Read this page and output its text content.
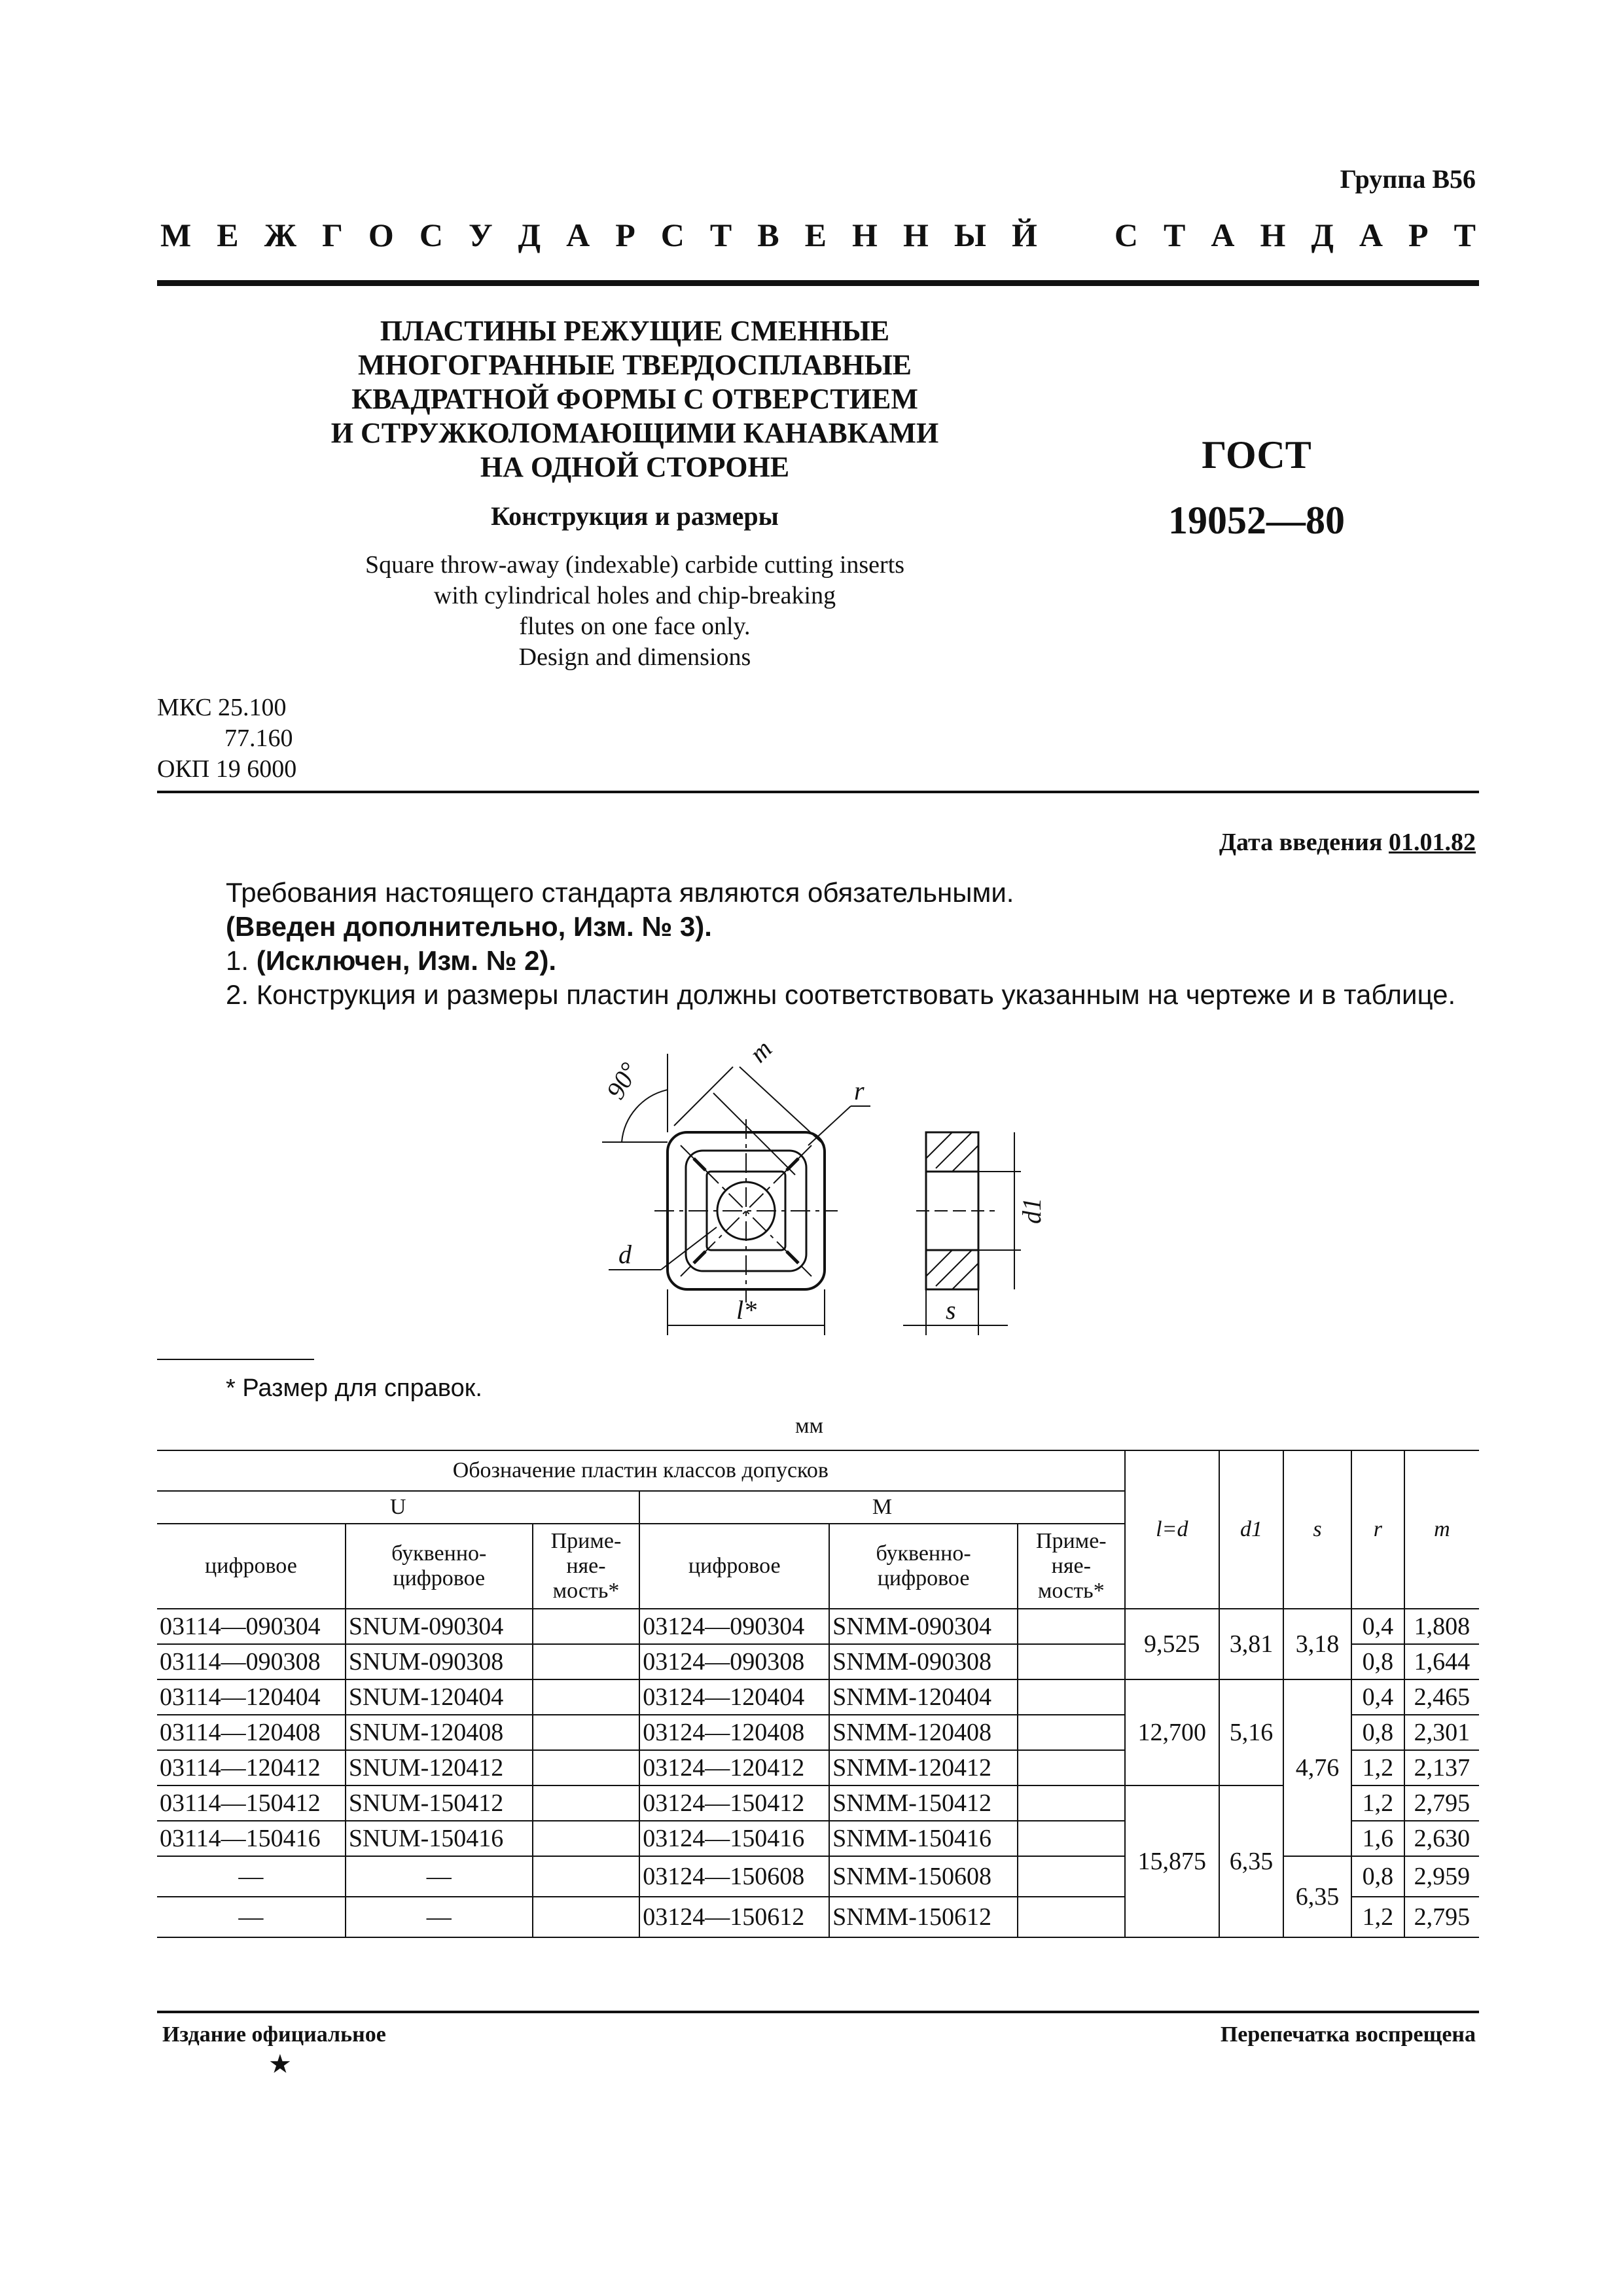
Группа В56
М Е Ж Г О С У Д А Р С Т В Е Н Н Ы Й С Т А Н Д А Р Т
ПЛАСТИНЫ РЕЖУЩИЕ СМЕННЫЕ
МНОГОГРАННЫЕ ТВЕРДОСПЛАВНЫЕ
КВАДРАТНОЙ ФОРМЫ С ОТВЕРСТИЕМ
И СТРУЖКОЛОМАЮЩИМИ КАНАВКАМИ
НА ОДНОЙ СТОРОНЕ
Конструкция и размеры
Square throw-away (indexable) carbide cutting inserts
with cylindrical holes and chip-breaking
flutes on one face only.
Design and dimensions
ГОСТ
19052—80
МКС 25.100
77.160
ОКП 19 6000
Дата введения 01.01.82
Требования настоящего стандарта являются обязательными.
(Введен дополнительно, Изм. № 3).
1. (Исключен, Изм. № 2).
2. Конструкция и размеры пластин должны соответствовать указанным на чертеже и в таблице.
90°
m
r
d
l*
d1
s
* Размер для справок.
мм
Обозначение пластин классов допусков						l=d	d1	s	r	m
U			M							
цифровое	буквенно-цифровое	Приме-няе-мость*	цифровое	буквенно-цифровое	Приме-няе-мость*					
03114—090304	SNUM-090304		03124—090304	SNMM-090304		9,525	3,81	3,18	0,4	1,808
03114—090308	SNUM-090308		03124—090308	SNMM-090308					0,8	1,644
03114—120404	SNUM-120404		03124—120404	SNMM-120404		12,700	5,16	4,76	0,4	2,465
03114—120408	SNUM-120408		03124—120408	SNMM-120408					0,8	2,301
03114—120412	SNUM-120412		03124—120412	SNMM-120412					1,2	2,137
03114—150412	SNUM-150412		03124—150412	SNMM-150412		15,875	6,35		1,2	2,795
03114—150416	SNUM-150416		03124—150416	SNMM-150416					1,6	2,630
—	—		03124—150608	SNMM-150608				6,35	0,8	2,959
—	—		03124—150612	SNMM-150612					1,2	2,795
Издание официальное
★
Перепечатка воспрещена
